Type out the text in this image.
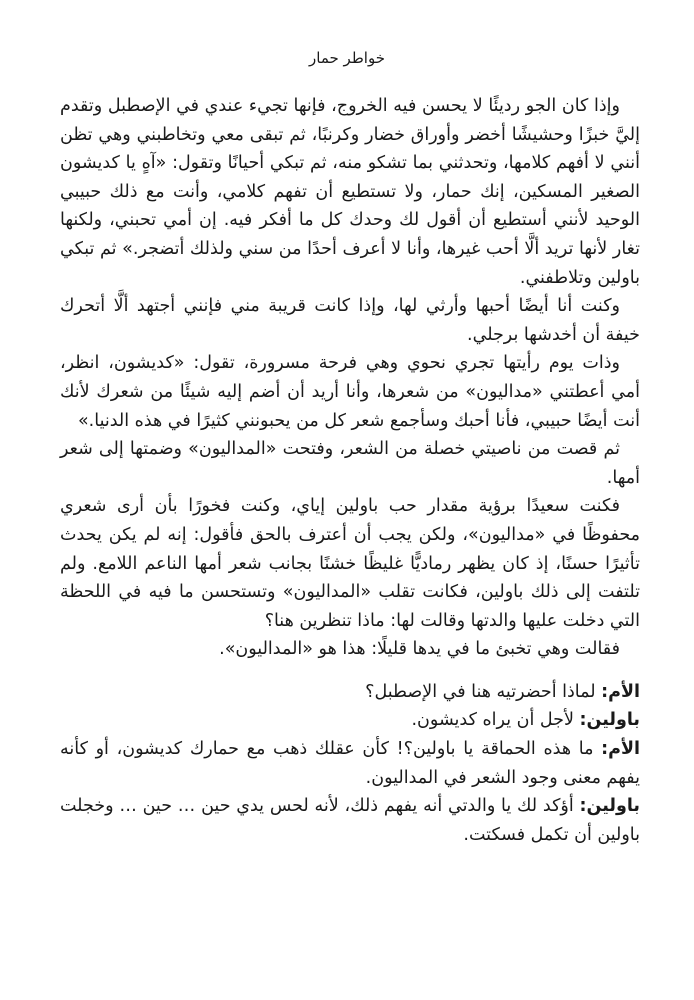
خواطر حمار

وإذا كان الجو رديئًا لا يحسن فيه الخروج، فإنها تجيء عندي في الإصطبل وتقدم إليَّ خبزًا وحشيشًا أخضر وأوراق خضار وكرنبًا، ثم تبقى معي وتخاطبني وهي تظن أنني لا أفهم كلامها، وتحدثني بما تشكو منه، ثم تبكي أحيانًا وتقول: «آهٍ يا كديشون الصغير المسكين، إنك حمار، ولا تستطيع أن تفهم كلامي، وأنت مع ذلك حبيبي الوحيد لأنني أستطيع أن أقول لك وحدك كل ما أفكر فيه. إن أمي تحبني، ولكنها تغار لأنها تريد ألَّا أحب غيرها، وأنا لا أعرف أحدًا من سني ولذلك أتضجر.» ثم تبكي باولين وتلاطفني.

وكنت أنا أيضًا أحبها وأرثي لها، وإذا كانت قريبة مني فإنني أجتهد ألَّا أتحرك خيفة أن أخدشها برجلي.

وذات يوم رأيتها تجري نحوي وهي فرحة مسرورة، تقول: «كديشون، انظر، أمي أعطتني «مداليون» من شعرها، وأنا أريد أن أضم إليه شيئًا من شعرك لأنك أنت أيضًا حبيبي، فأنا أحبك وسأجمع شعر كل من يحبونني كثيرًا في هذه الدنيا.»

ثم قصت من ناصيتي خصلة من الشعر، وفتحت «المداليون» وضمتها إلى شعر أمها.

فكنت سعيدًا برؤية مقدار حب باولين إياي، وكنت فخورًا بأن أرى شعري محفوظًا في «مداليون»، ولكن يجب أن أعترف بالحق فأقول: إنه لم يكن يحدث تأثيرًا حسنًا، إذ كان يظهر رماديًّا غليظًا خشنًا بجانب شعر أمها الناعم اللامع. ولم تلتفت إلى ذلك باولين، فكانت تقلب «المداليون» وتستحسن ما فيه في اللحظة التي دخلت عليها والدتها وقالت لها: ماذا تنظرين هنا؟

فقالت وهي تخبئ ما في يدها قليلًا: هذا هو «المداليون».

الأم: لماذا أحضرتيه هنا في الإصطبل؟

باولين: لأجل أن يراه كديشون.

الأم: ما هذه الحماقة يا باولين؟! كأن عقلك ذهب مع حمارك كديشون، أو كأنه يفهم معنى وجود الشعر في المداليون.

باولين: أؤكد لك يا والدتي أنه يفهم ذلك، لأنه لحس يدي حين … حين … وخجلت باولين أن تكمل فسكتت.
